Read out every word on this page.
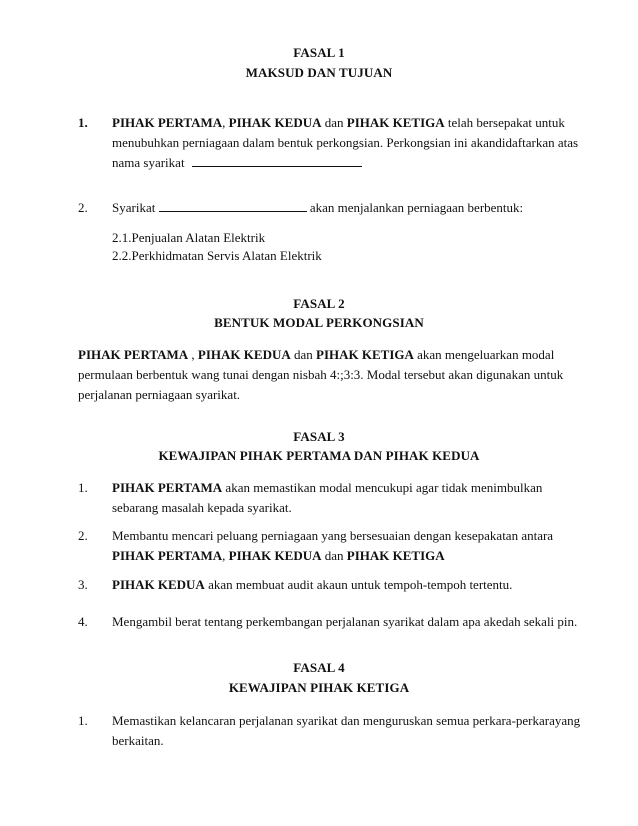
FASAL 1
MAKSUD DAN TUJUAN
1. PIHAK PERTAMA, PIHAK KEDUA dan PIHAK KETIGA telah bersepakat untuk menubuhkan perniagaan dalam bentuk perkongsian. Perkongsian ini akandidaftarkan atas nama syarikat
2. Syarikat	akan menjalankan perniagaan berbentuk:
2.1.Penjualan Alatan Elektrik
2.2.Perkhidmatan Servis Alatan Elektrik
FASAL 2
BENTUK MODAL PERKONGSIAN
PIHAK PERTAMA , PIHAK KEDUA dan PIHAK KETIGA akan mengeluarkan modal permulaan berbentuk wang tunai dengan nisbah 4:;3:3. Modal tersebut akan digunakan untuk perjalanan perniagaan syarikat.
FASAL 3
KEWAJIPAN PIHAK PERTAMA DAN PIHAK KEDUA
1. PIHAK PERTAMA akan memastikan modal mencukupi agar tidak menimbulkan sebarang masalah kepada syarikat.
2. Membantu mencari peluang perniagaan yang bersesuaian dengan kesepakatan antara PIHAK PERTAMA, PIHAK KEDUA dan PIHAK KETIGA
3. PIHAK KEDUA akan membuat audit akaun untuk tempoh-tempoh tertentu.
4. Mengambil berat tentang perkembangan perjalanan syarikat dalam apa akedah sekali pin.
FASAL 4
KEWAJIPAN PIHAK KETIGA
1. Memastikan kelancaran perjalanan syarikat dan menguruskan semua perkara-perkarayang berkaitan.
